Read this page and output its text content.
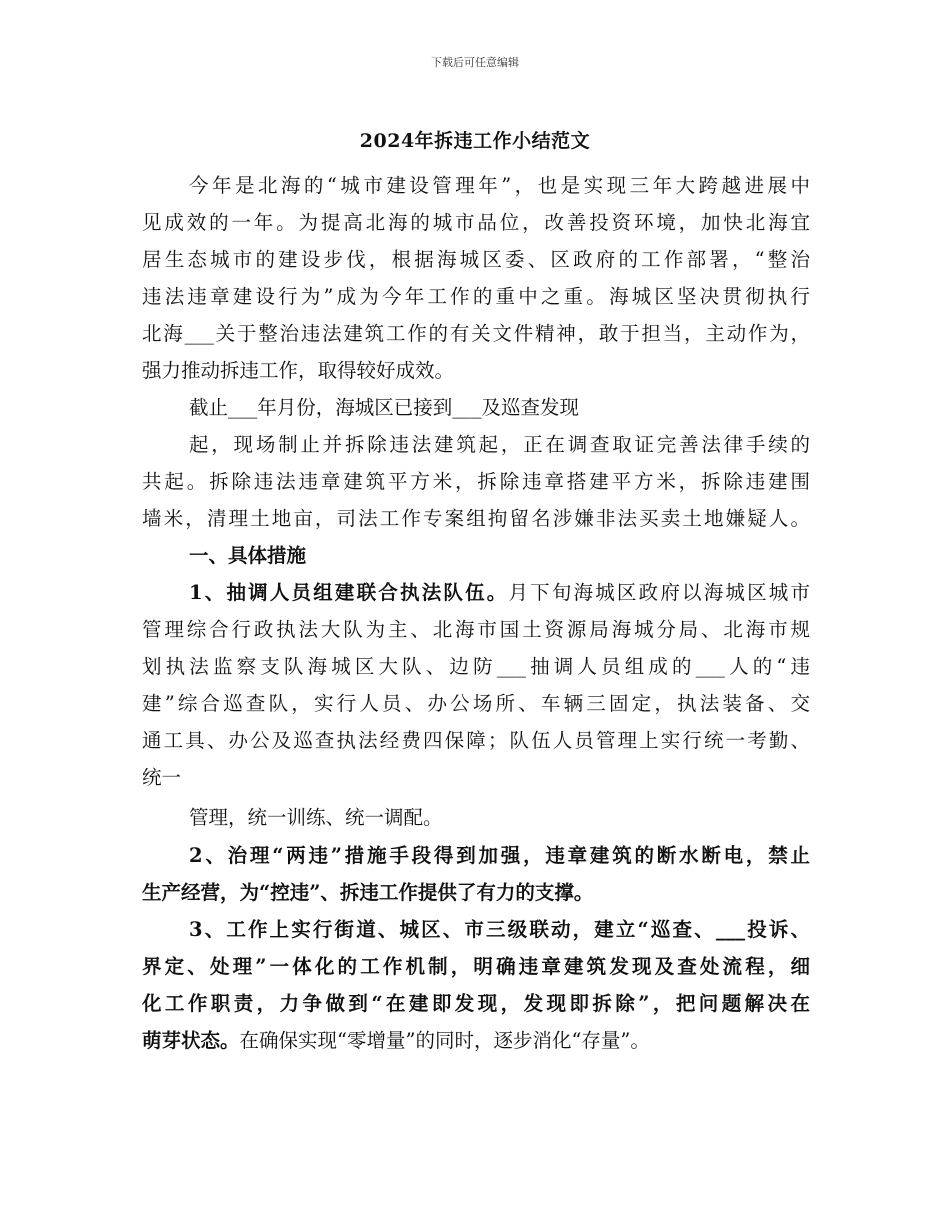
下载后可任意编辑
2024年拆违工作小结范文
今年是北海的“城市建设管理年”，也是实现三年大跨越进展中
见成效的一年。为提高北海的城市品位，改善投资环境，加快北海宜
居生态城市的建设步伐，根据海城区委、区政府的工作部署，“整治
违法违章建设行为”成为今年工作的重中之重。海城区坚决贯彻执行
北海___关于整治违法建筑工作的有关文件精神，敢于担当，主动作为，
强力推动拆违工作，取得较好成效。
截止___年月份，海城区已接到___及巡查发现
起，现场制止并拆除违法建筑起，正在调查取证完善法律手续的
共起。拆除违法违章建筑平方米，拆除违章搭建平方米，拆除违建围
墙米，清理土地亩，司法工作专案组拘留名涉嫌非法买卖土地嫌疑人。
一、具体措施
1、抽调人员组建联合执法队伍。月下旬海城区政府以海城区城市
管理综合行政执法大队为主、北海市国土资源局海城分局、北海市规
划执法监察支队海城区大队、边防___抽调人员组成的___人的“违
建”综合巡查队，实行人员、办公场所、车辆三固定，执法装备、交
通工具、办公及巡查执法经费四保障；队伍人员管理上实行统一考勤、
统一
管理，统一训练、统一调配。
2、治理“两违”措施手段得到加强，违章建筑的断水断电，禁止
生产经营，为“控违”、拆违工作提供了有力的支撑。
3、工作上实行街道、城区、市三级联动，建立“巡查、___投诉、
界定、处理”一体化的工作机制，明确违章建筑发现及查处流程，细
化工作职责，力争做到“在建即发现，发现即拆除”，把问题解决在
萌芽状态。在确保实现“零增量”的同时，逐步消化“存量”。
